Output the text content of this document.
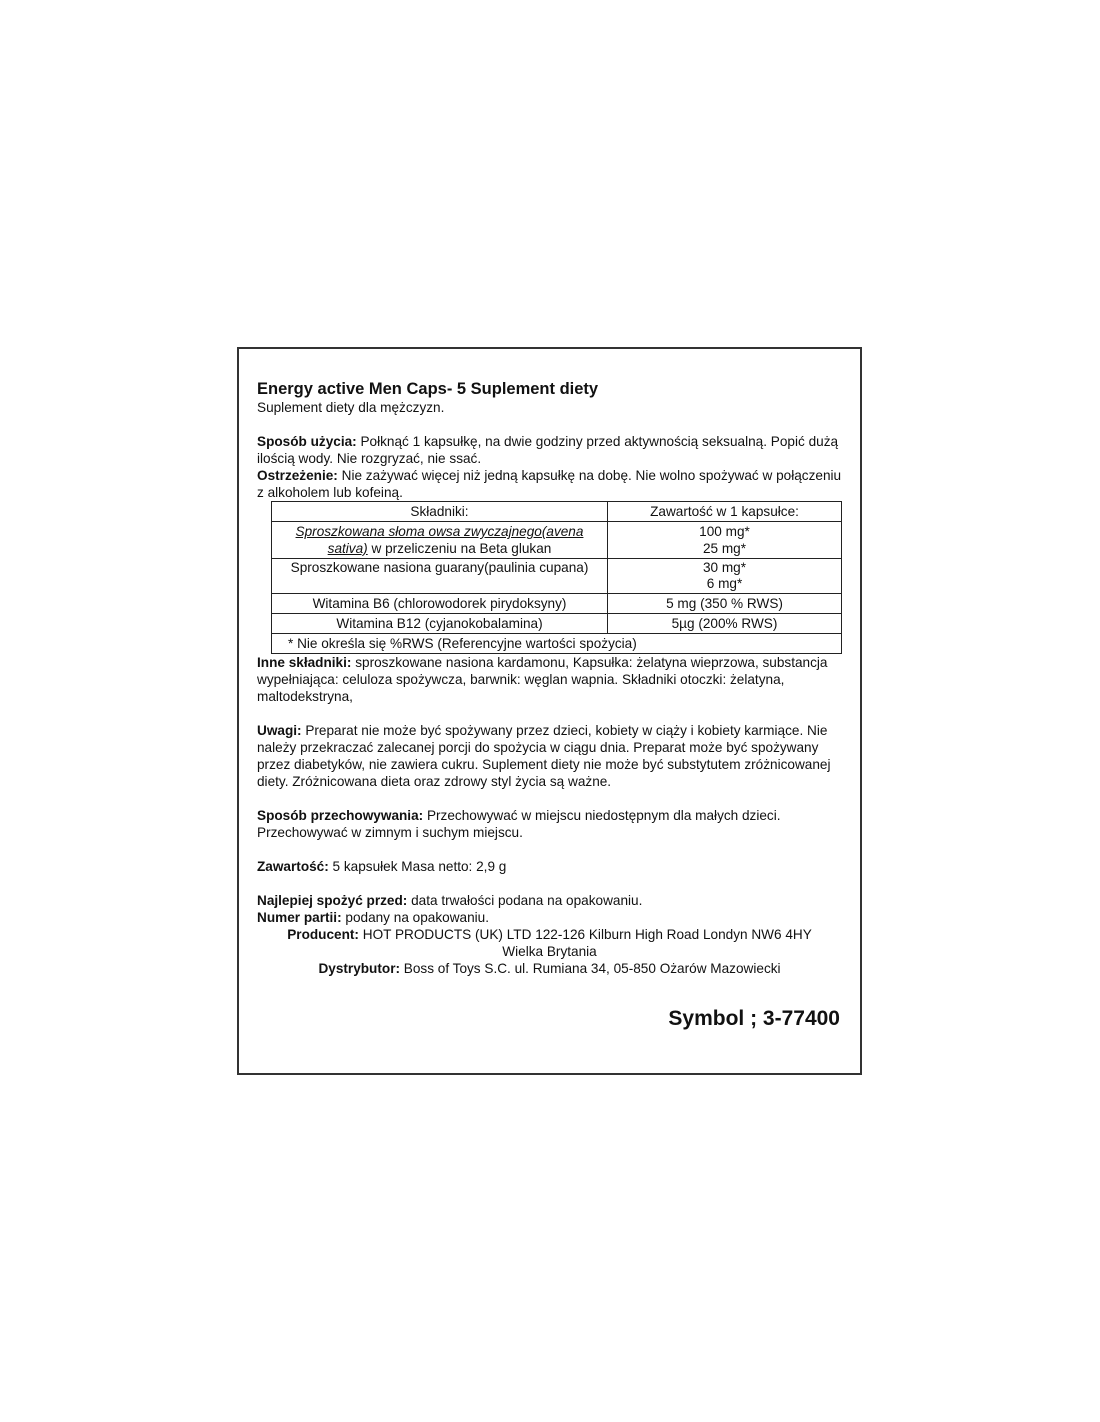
Energy active Men Caps- 5 Suplement diety
Suplement diety dla mężczyzn.
Sposób użycia: Połknąć 1 kapsułkę, na dwie godziny przed aktywnością seksualną. Popić dużą ilością wody. Nie rozgryzać, nie ssać.
Ostrzeżenie: Nie zażywać więcej niż jedną kapsułkę na dobę. Nie wolno spożywać w połączeniu z alkoholem lub kofeiną.
Składniki:	Zawartość w 1 kapsułce:
Sproszkowana słoma owsa zwyczajnego(avena sativa) w przeliczeniu na Beta glukan	100 mg*
25 mg*

Sproszkowane nasiona guarany(paulinia cupana)	30 mg*
6 mg*

Witamina B6 (chlorowodorek pirydoksyny)	5 mg (350 % RWS)
Witamina B12 (cyjanokobalamina)	5µg (200% RWS)
* Nie określa się %RWS (Referencyjne wartości spożycia)	
Inne składniki: sproszkowane nasiona kardamonu, Kapsułka: żelatyna wieprzowa, substancja wypełniająca: celuloza spożywcza, barwnik: węglan wapnia. Składniki otoczki: żelatyna, maltodekstryna,
Uwagi: Preparat nie może być spożywany przez dzieci, kobiety w ciąży i kobiety karmiące. Nie należy przekraczać zalecanej porcji do spożycia w ciągu dnia. Preparat może być spożywany przez diabetyków, nie zawiera cukru. Suplement diety nie może być substytutem zróżnicowanej diety. Zróżnicowana dieta oraz zdrowy styl życia są ważne.
Sposób przechowywania: Przechowywać w miejscu niedostępnym dla małych dzieci. Przechowywać w zimnym i suchym miejscu.
Zawartość: 5 kapsułek Masa netto: 2,9 g
Najlepiej spożyć przed: data trwałości podana na opakowaniu.
Numer partii: podany na opakowaniu.
Producent: HOT PRODUCTS (UK) LTD 122-126 Kilburn High Road Londyn NW6 4HY
Wielka Brytania
Dystrybutor: Boss of Toys S.C. ul. Rumiana 34, 05-850 Ożarów Mazowiecki
Symbol ; 3-77400
